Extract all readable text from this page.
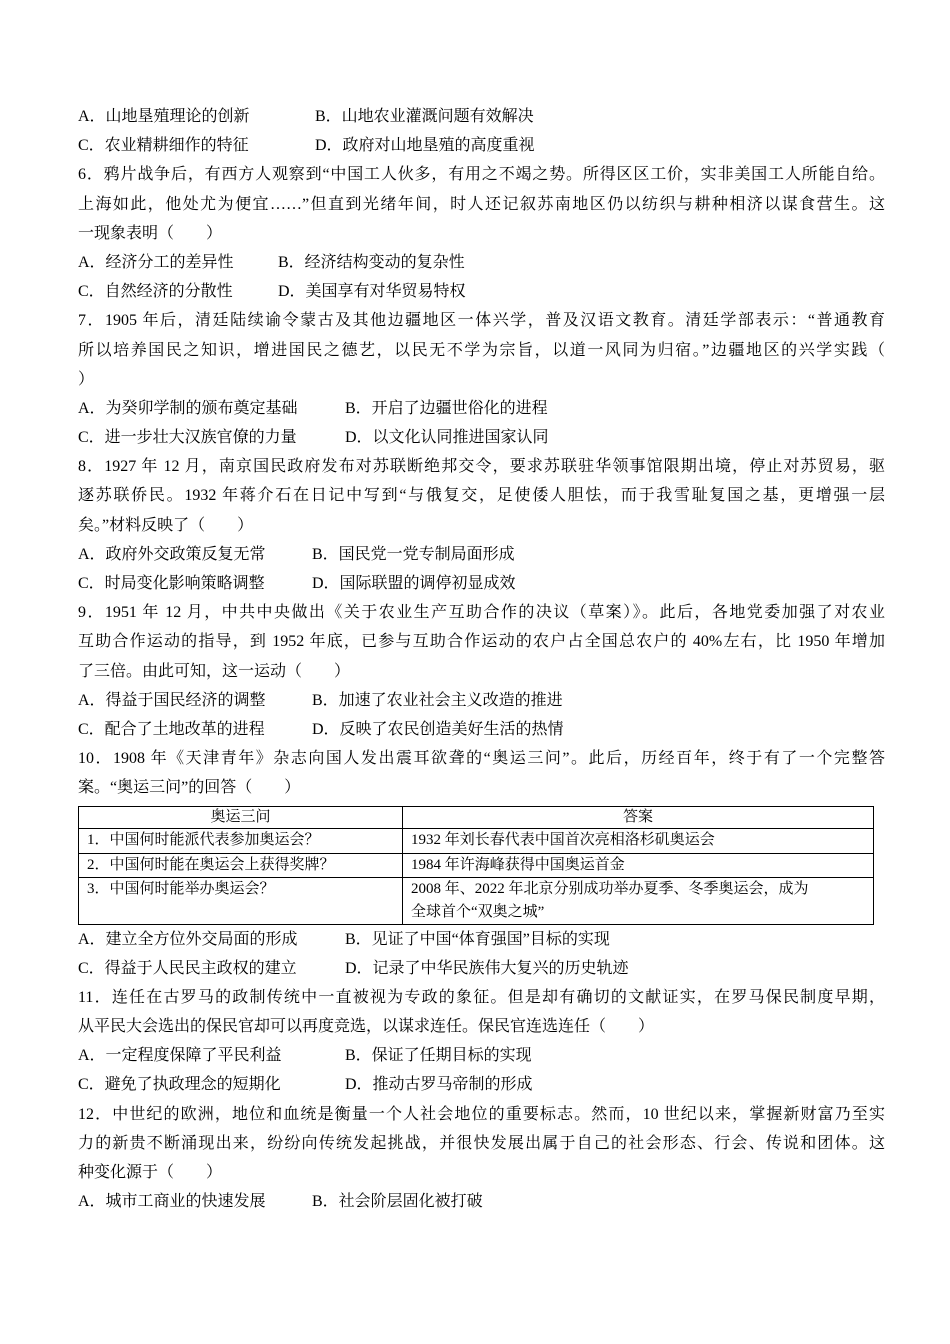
A．山地垦殖理论的创新	B．山地农业灌溉问题有效解决
C．农业精耕细作的特征	D．政府对山地垦殖的高度重视
6．鸦片战争后，有西方人观察到“中国工人伙多，有用之不竭之势。所得区区工价，实非美国工人所能自给。
上海如此，他处尤为便宜……”但直到光绪年间，时人还记叙苏南地区仍以纺织与耕种相济以谋食营生。这
一现象表明（　　）
A．经济分工的差异性	B．经济结构变动的复杂性
C．自然经济的分散性	D．美国享有对华贸易特权
7．1905 年后，清廷陆续谕令蒙古及其他边疆地区一体兴学，普及汉语文教育。清廷学部表示：“普通教育
所以培养国民之知识，增进国民之德艺，以民无不学为宗旨，以道一风同为归宿。”边疆地区的兴学实践（
）
A．为癸卯学制的颁布奠定基础	B．开启了边疆世俗化的进程
C．进一步壮大汉族官僚的力量	D．以文化认同推进国家认同
8．1927 年 12 月，南京国民政府发布对苏联断绝邦交令，要求苏联驻华领事馆限期出境，停止对苏贸易，驱
逐苏联侨民。1932 年蒋介石在日记中写到“与俄复交，足使倭人胆怯，而于我雪耻复国之基，更增强一层
矣。”材料反映了（　　）
A．政府外交政策反复无常	B．国民党一党专制局面形成
C．时局变化影响策略调整	D．国际联盟的调停初显成效
9．1951 年 12 月，中共中央做出《关于农业生产互助合作的决议（草案）》。此后，各地党委加强了对农业
互助合作运动的指导，到 1952 年底，已参与互助合作运动的农户占全国总农户的 40%左右，比 1950 年增加
了三倍。由此可知，这一运动（　　）
A．得益于国民经济的调整	B．加速了农业社会主义改造的推进
C．配合了土地改革的进程	D．反映了农民创造美好生活的热情
10．1908 年《天津青年》杂志向国人发出震耳欲聋的“奥运三问”。此后，历经百年，终于有了一个完整答
案。“奥运三问”的回答（　　）
奥运三问	答案
1．中国何时能派代表参加奥运会？	1932 年刘长春代表中国首次亮相洛杉矶奥运会
2．中国何时能在奥运会上获得奖牌？	1984 年许海峰获得中国奥运首金
3．中国何时能举办奥运会？	2008 年、2022 年北京分别成功举办夏季、冬季奥运会，成为
全球首个“双奥之城”
A．建立全方位外交局面的形成	B．见证了中国“体育强国”目标的实现
C．得益于人民民主政权的建立	D．记录了中华民族伟大复兴的历史轨迹
11．连任在古罗马的政制传统中一直被视为专政的象征。但是却有确切的文献证实，在罗马保民制度早期，
从平民大会选出的保民官却可以再度竞选，以谋求连任。保民官连选连任（　　）
A．一定程度保障了平民利益	B．保证了任期目标的实现
C．避免了执政理念的短期化	D．推动古罗马帝制的形成
12．中世纪的欧洲，地位和血统是衡量一个人社会地位的重要标志。然而，10 世纪以来，掌握新财富乃至实
力的新贵不断涌现出来，纷纷向传统发起挑战，并很快发展出属于自己的社会形态、行会、传说和团体。这
种变化源于（　　）
A．城市工商业的快速发展	B．社会阶层固化被打破
